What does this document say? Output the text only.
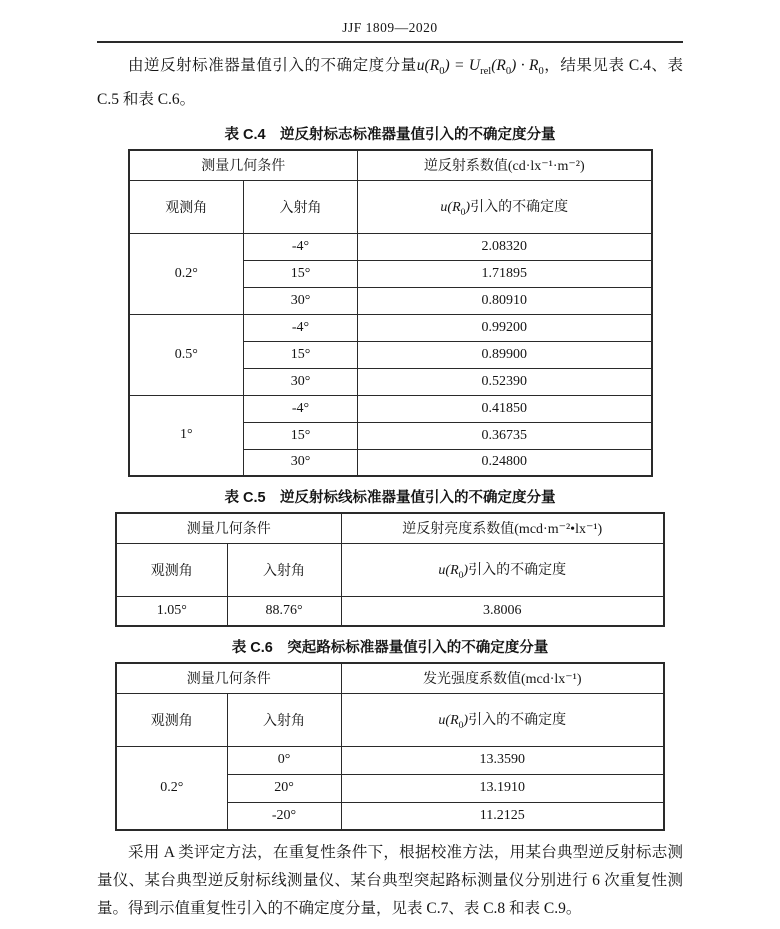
JJF 1809—2020

由逆反射标准器量值引入的不确定度分量$u(R_0) = U_{rel}(R_0) \cdot R_0$，结果见表 C.4、表 C.5 和表 C.6。

表 C.4　逆反射标志标准器量值引入的不确定度分量
测量几何条件		逆反射系数值(cd·lx⁻¹·m⁻²)
观测角	入射角	$u(R_0)$引入的不确定度
0.2°	-4°	2.08320
	15°	1.71895
	30°	0.80910
0.5°	-4°	0.99200
	15°	0.89900
	30°	0.52390
1°	-4°	0.41850
	15°	0.36735
	30°	0.24800
表 C.5　逆反射标线标准器量值引入的不确定度分量
测量几何条件		逆反射亮度系数值(mcd·m⁻²•lx⁻¹)
观测角	入射角	$u(R_0)$引入的不确定度
1.05°	88.76°	3.8006
表 C.6　突起路标标准器量值引入的不确定度分量
测量几何条件		发光强度系数值(mcd·lx⁻¹)
观测角	入射角	$u(R_0)$引入的不确定度
0.2°	0°	13.3590
	20°	13.1910
	-20°	11.2125

采用 A 类评定方法，在重复性条件下，根据校准方法，用某台典型逆反射标志测量仪、某台典型逆反射标线测量仪、某台典型突起路标测量仪分别进行 6 次重复性测量。得到示值重复性引入的不确定度分量，见表 C.7、表 C.8 和表 C.9。
